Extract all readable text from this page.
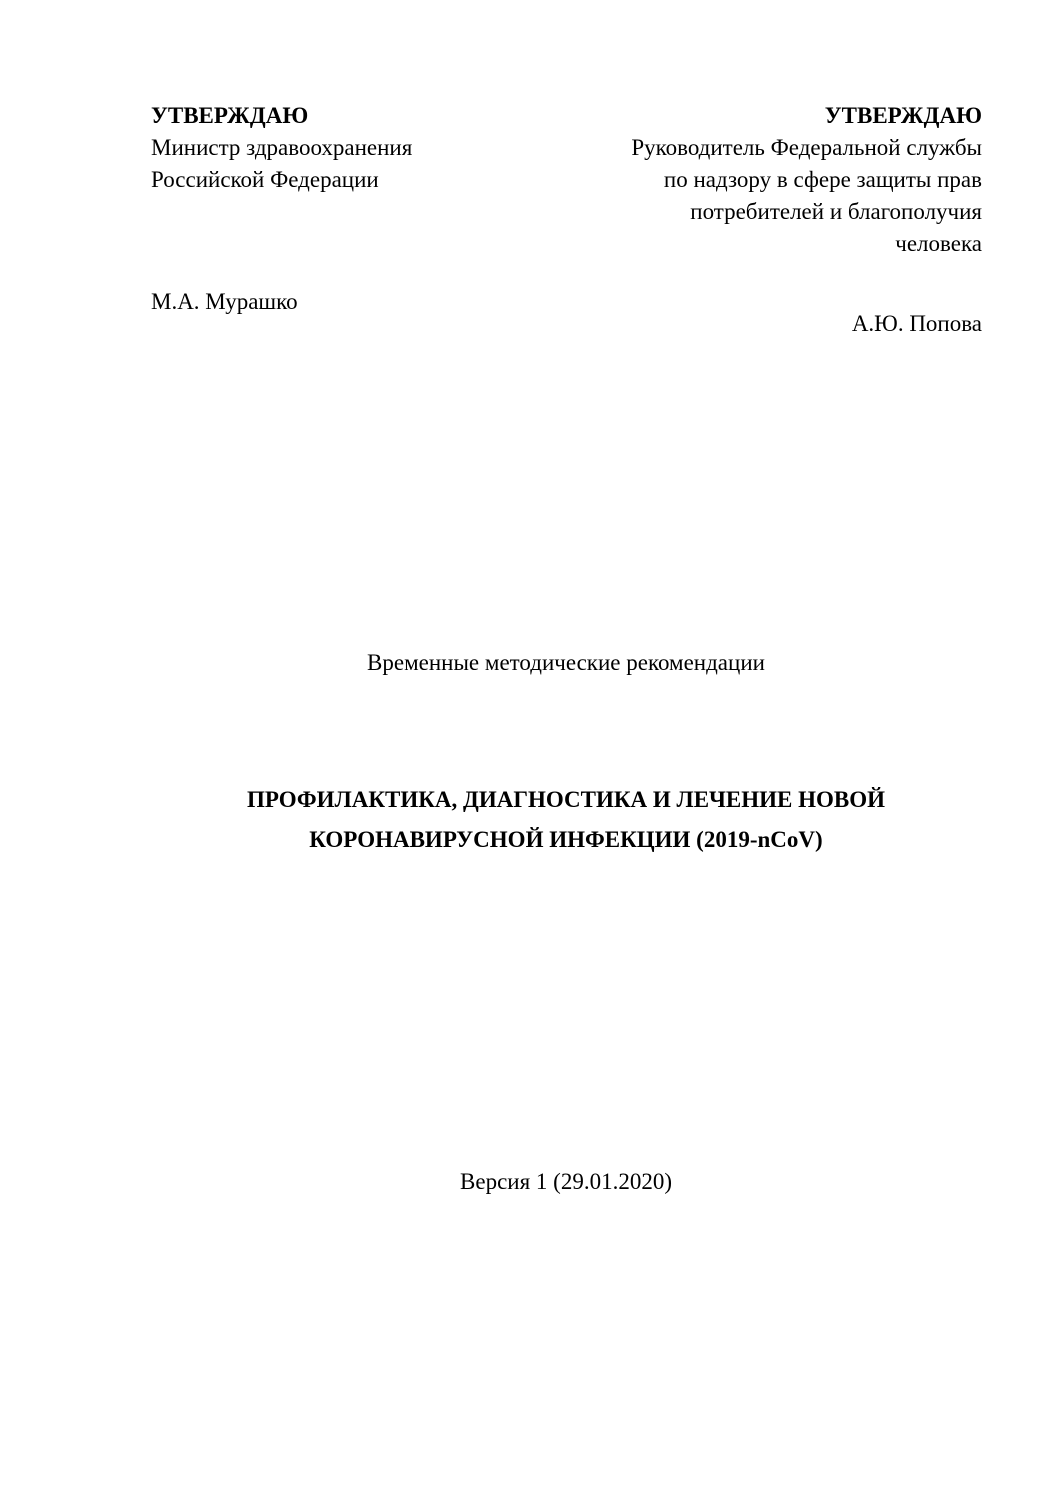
УТВЕРЖДАЮ
Министр здравоохранения
Российской Федерации
УТВЕРЖДАЮ
Руководитель Федеральной службы
по надзору в сфере защиты прав
потребителей и благополучия
человека
М.А. Мурашко
А.Ю. Попова
Временные методические рекомендации
ПРОФИЛАКТИКА, ДИАГНОСТИКА И ЛЕЧЕНИЕ НОВОЙ
КОРОНАВИРУСНОЙ ИНФЕКЦИИ (2019-nCoV)
Версия 1 (29.01.2020)
